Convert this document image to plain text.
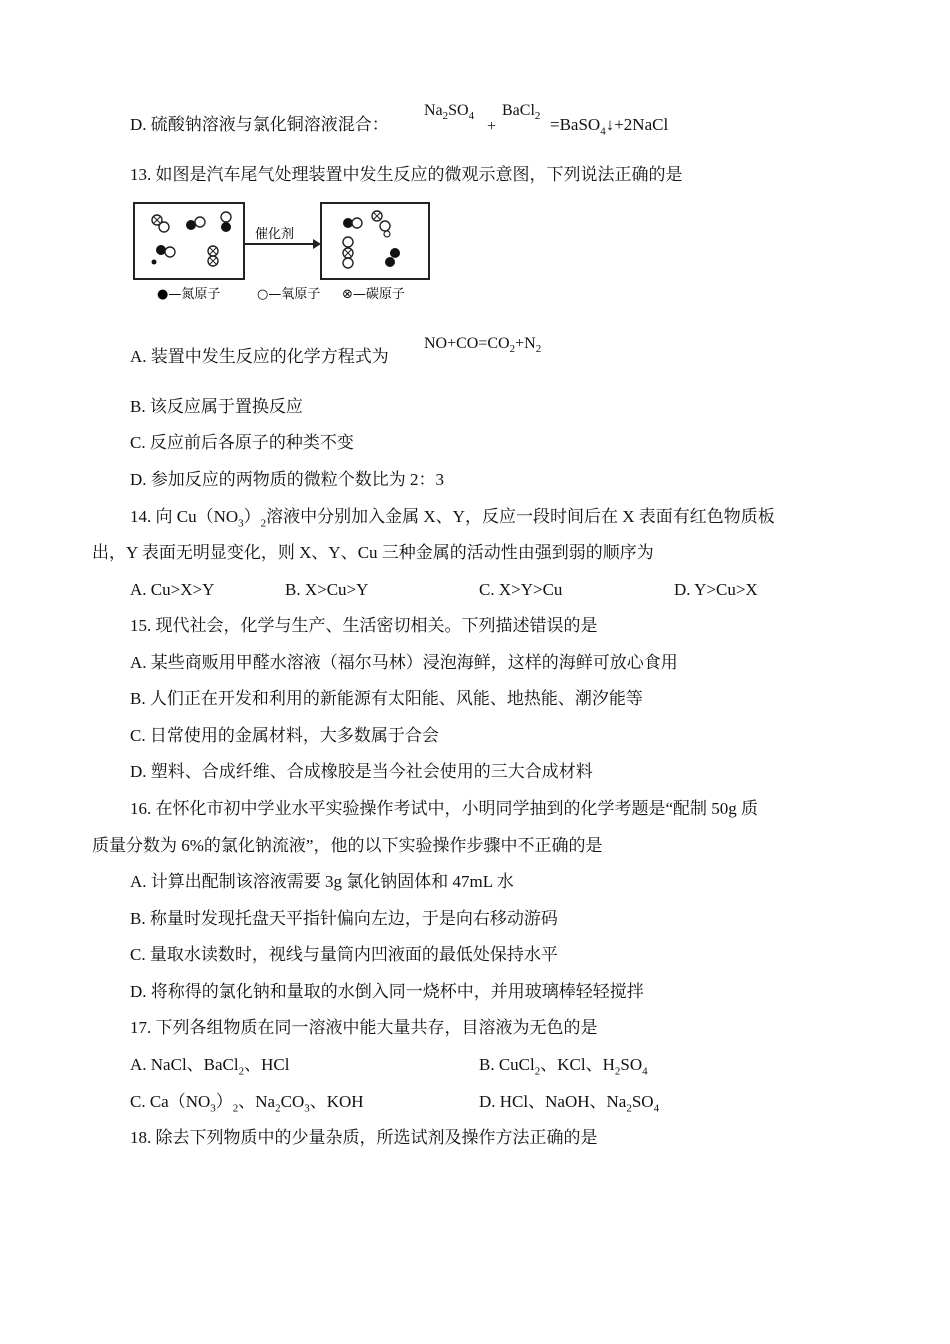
D. 硫酸钠溶液与氯化铜溶液混合：
$Na_2SO_4$
+
BaCl$_2$ =BaSO$_4$↓+2NaCl
13. 如图是汽车尾气处理装置中发生反应的微观示意图，下列说法正确的是
催化剂
●—氮原子	○—氧原子 ⊗—碳原子
A. 装置中发生反应的化学方程式为
$NO+CO=CO_2+N_2$
B. 该反应属于置换反应
C. 反应前后各原子的种类不变
D. 参加反应的两物质的微粒个数比为 2：3
14. 向 $Cu(NO_3)_2$溶液中分别加入金属 X、Y，反应一段时间后在 X 表面有红色物质板
出，Y 表面无明显变化，则 X、Y、Cu 三种金属的活动性由强到弱的顺序为
A. Cu>X>Y	B. X>Cu>Y	C. X>Y>Cu	D. Y>Cu>X
15. 现代社会，化学与生产、生活密切相关。下列描述错误的是
A. 某些商贩用甲醛水溶液（福尔马林）浸泡海鲜，这样的海鲜可放心食用
B. 人们正在开发和利用的新能源有太阳能、风能、地热能、潮汐能等
C. 日常使用的金属材料，大多数属于合会
D. 塑料、合成纤维、合成橡胶是当今社会使用的三大合成材料
16. 在怀化市初中学业水平实验操作考试中，小明同学抽到的化学考题是“配制 50g 质
质量分数为 6%的氯化钠流液”，他的以下实验操作步骤中不正确的是
A. 计算出配制该溶液需要 3g 氯化钠固体和 47mL 水
B. 称量时发现托盘天平指针偏向左边，于是向右移动游码
C. 量取水读数时，视线与量筒内凹液面的最低处保持水平
D. 将称得的氯化钠和量取的水倒入同一烧杯中，并用玻璃棒轻轻搅拌
17. 下列各组物质在同一溶液中能大量共存，目溶液为无色的是
A. NaCl、BaCl$_2$、HCl	B. CuCl$_2$、KCl、$H_2SO_4$
C. $Ca(NO_3)_2$、$Na_2CO_3$、KOH	D. HCl、NaOH、$Na_2SO_4$
18. 除去下列物质中的少量杂质，所选试剂及操作方法正确的是
